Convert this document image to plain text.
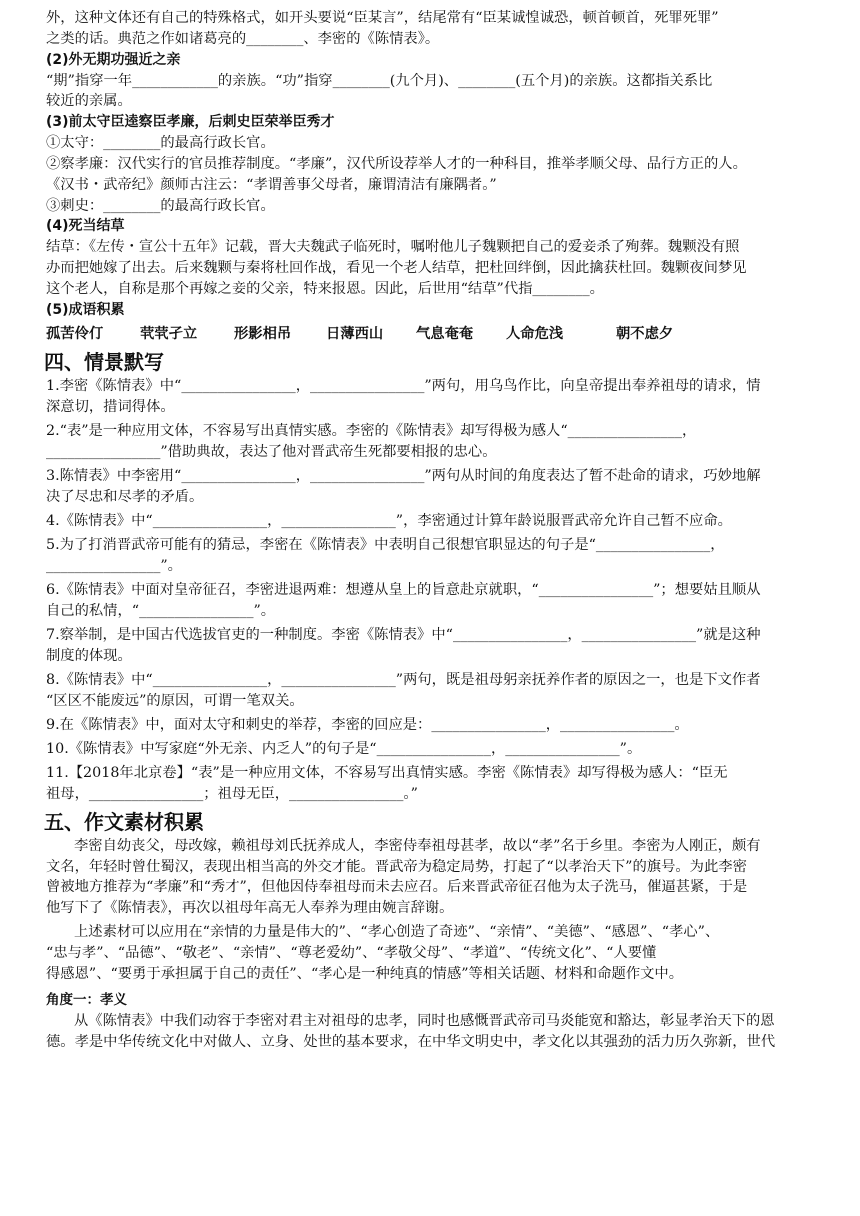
外，这种文体还有自己的特殊格式，如开头要说“臣某言”，结尾常有“臣某诚惶诚恐，顿首顿首，死罪死罪”
之类的话。典范之作如诸葛亮的________、李密的《陈情表》。
(2)外无期功强近之亲
“期”指穿一年____________的亲族。“功”指穿________(九个月)、________(五个月)的亲族。这都指关系比
较近的亲属。
(3)前太守臣逵察臣孝廉，后刺史臣荣举臣秀才
①太守：________的最高行政长官。
②察孝廉：汉代实行的官员推荐制度。“孝廉”，汉代所设荐举人才的一种科目，推举孝顺父母、品行方正的人。
《汉书・武帝纪》颜师古注云：“孝谓善事父母者，廉谓清洁有廉隅者。”
③刺史：________的最高行政长官。
(4)死当结草
结草：《左传・宣公十五年》记载，晋大夫魏武子临死时，嘱咐他儿子魏颗把自己的爱妾杀了殉葬。魏颗没有照
办而把她嫁了出去。后来魏颗与秦将杜回作战，看见一个老人结草，把杜回绊倒，因此擒获杜回。魏颗夜间梦见
这个老人，自称是那个再嫁之妾的父亲，特来报恩。因此，后世用“结草”代指________。
(5)成语积累
孤苦伶仃	茕茕孑立	形影相吊	日薄西山	气息奄奄	人命危浅	朝不虑夕
四、情景默写
1.李密《陈情表》中“________________，________________”两句，用乌鸟作比，向皇帝提出奉养祖母的请求，情
深意切，措词得体。
2.“表”是一种应用文体，不容易写出真情实感。李密的《陈情表》却写得极为感人“________________，
________________”借助典故，表达了他对晋武帝生死都要相报的忠心。
3.陈情表》中李密用“________________，________________”两句从时间的角度表达了暂不赴命的请求，巧妙地解
决了尽忠和尽孝的矛盾。
4.《陈情表》中“________________，________________”，李密通过计算年龄说服晋武帝允许自己暂不应命。
5.为了打消晋武帝可能有的猜忌，李密在《陈情表》中表明自己很想官职显达的句子是“________________，
________________”。
6.《陈情表》中面对皇帝征召，李密进退两难：想遵从皇上的旨意赴京就职，“________________”；想要姑且顺从
自己的私情，“________________”。
7.察举制，是中国古代选拔官吏的一种制度。李密《陈情表》中“________________，________________”就是这种
制度的体现。
8.《陈情表》中“________________，________________”两句，既是祖母躬亲抚养作者的原因之一，也是下文作者
“区区不能废远”的原因，可谓一笔双关。
9.在《陈情表》中，面对太守和刺史的举荐，李密的回应是：________________，________________。
10.《陈情表》中写家庭“外无亲、内乏人”的句子是“________________，________________”。
11.【2018年北京卷】“表”是一种应用文体，不容易写出真情实感。李密《陈情表》却写得极为感人：“臣无
祖母，________________；祖母无臣，________________。”
五、作文素材积累
李密自幼丧父，母改嫁，赖祖母刘氏抚养成人，李密侍奉祖母甚孝，故以“孝”名于乡里。李密为人刚正，颇有
文名，年轻时曾仕蜀汉，表现出相当高的外交才能。晋武帝为稳定局势，打起了“以孝治天下”的旗号。为此李密
曾被地方推荐为“孝廉”和“秀才”，但他因侍奉祖母而未去应召。后来晋武帝征召他为太子洗马，催逼甚紧，于是
他写下了《陈情表》，再次以祖母年高无人奉养为理由婉言辞谢。
上述素材可以应用在“亲情的力量是伟大的”、“孝心创造了奇迹”、“亲情”、“美德”、“感恩”、“孝心”、
“忠与孝”、“品德”、“敬老”、“亲情”、“尊老爱幼”、“孝敬父母”、“孝道”、“传统文化”、“人要懂
得感恩”、“要勇于承担属于自己的责任”、“孝心是一种纯真的情感”等相关话题、材料和命题作文中。
角度一：孝义
从《陈情表》中我们动容于李密对君主对祖母的忠孝，同时也感慨晋武帝司马炎能宽和豁达，彰显孝治天下的恩
德。孝是中华传统文化中对做人、立身、处世的基本要求，在中华文明史中，孝文化以其强劲的活力历久弥新，世代
